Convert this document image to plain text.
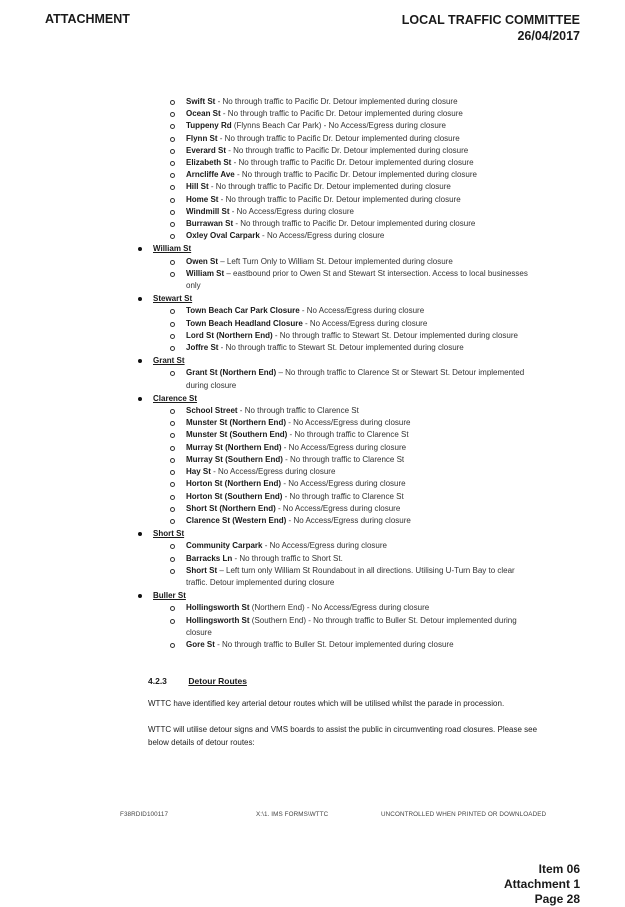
ATTACHMENT	LOCAL TRAFFIC COMMITTEE
26/04/2017
Swift St - No through traffic to Pacific Dr. Detour implemented during closure
Ocean St - No through traffic to Pacific Dr. Detour implemented during closure
Tuppeny Rd (Flynns Beach Car Park) - No Access/Egress during closure
Flynn St - No through traffic to Pacific Dr. Detour implemented during closure
Everard St - No through traffic to Pacific Dr. Detour implemented during closure
Elizabeth St - No through traffic to Pacific Dr. Detour implemented during closure
Arncliffe Ave - No through traffic to Pacific Dr. Detour implemented during closure
Hill St - No through traffic to Pacific Dr. Detour implemented during closure
Home St - No through traffic to Pacific Dr. Detour implemented during closure
Windmill St - No Access/Egress during closure
Burrawan St - No through traffic to Pacific Dr. Detour implemented during closure
Oxley Oval Carpark - No Access/Egress during closure
William St
Owen St – Left Turn Only to William St. Detour implemented during closure
William St – eastbound prior to Owen St and Stewart St intersection. Access to local businesses only
Stewart St
Town Beach Car Park Closure - No Access/Egress during closure
Town Beach Headland Closure - No Access/Egress during closure
Lord St (Northern End) - No through traffic to Stewart St. Detour implemented during closure
Joffre St - No through traffic to Stewart St. Detour implemented during closure
Grant St
Grant St (Northern End) – No through traffic to Clarence St or Stewart St. Detour implemented during closure
Clarence St
School Street - No through traffic to Clarence St
Munster St (Northern End) - No Access/Egress during closure
Munster St (Southern End) - No through traffic to Clarence St
Murray St (Northern End) - No Access/Egress during closure
Murray St (Southern End) - No through traffic to Clarence St
Hay St - No Access/Egress during closure
Horton St (Northern End) - No Access/Egress during closure
Horton St (Southern End) - No through traffic to Clarence St
Short St (Northern End) - No Access/Egress during closure
Clarence St (Western End) - No Access/Egress during closure
Short St
Community Carpark - No Access/Egress during closure
Barracks Ln - No through traffic to Short St.
Short St – Left turn only William St Roundabout in all directions. Utilising U-Turn Bay to clear traffic. Detour implemented during closure
Buller St
Hollingsworth St (Northern End) - No Access/Egress during closure
Hollingsworth St (Southern End) - No through traffic to Buller St. Detour implemented during closure
Gore St - No through traffic to Buller St. Detour implemented during closure
4.2.3	Detour Routes
WTTC have identified key arterial detour routes which will be utilised whilst the parade in procession.
WTTC will utilise detour signs and VMS boards to assist the public in circumventing road closures. Please see below details of detour routes:
F38RDID100117	X:\1. IMS FORMS\WTTC	UNCONTROLLED WHEN PRINTED OR DOWNLOADED
Item 06
Attachment 1
Page 28
